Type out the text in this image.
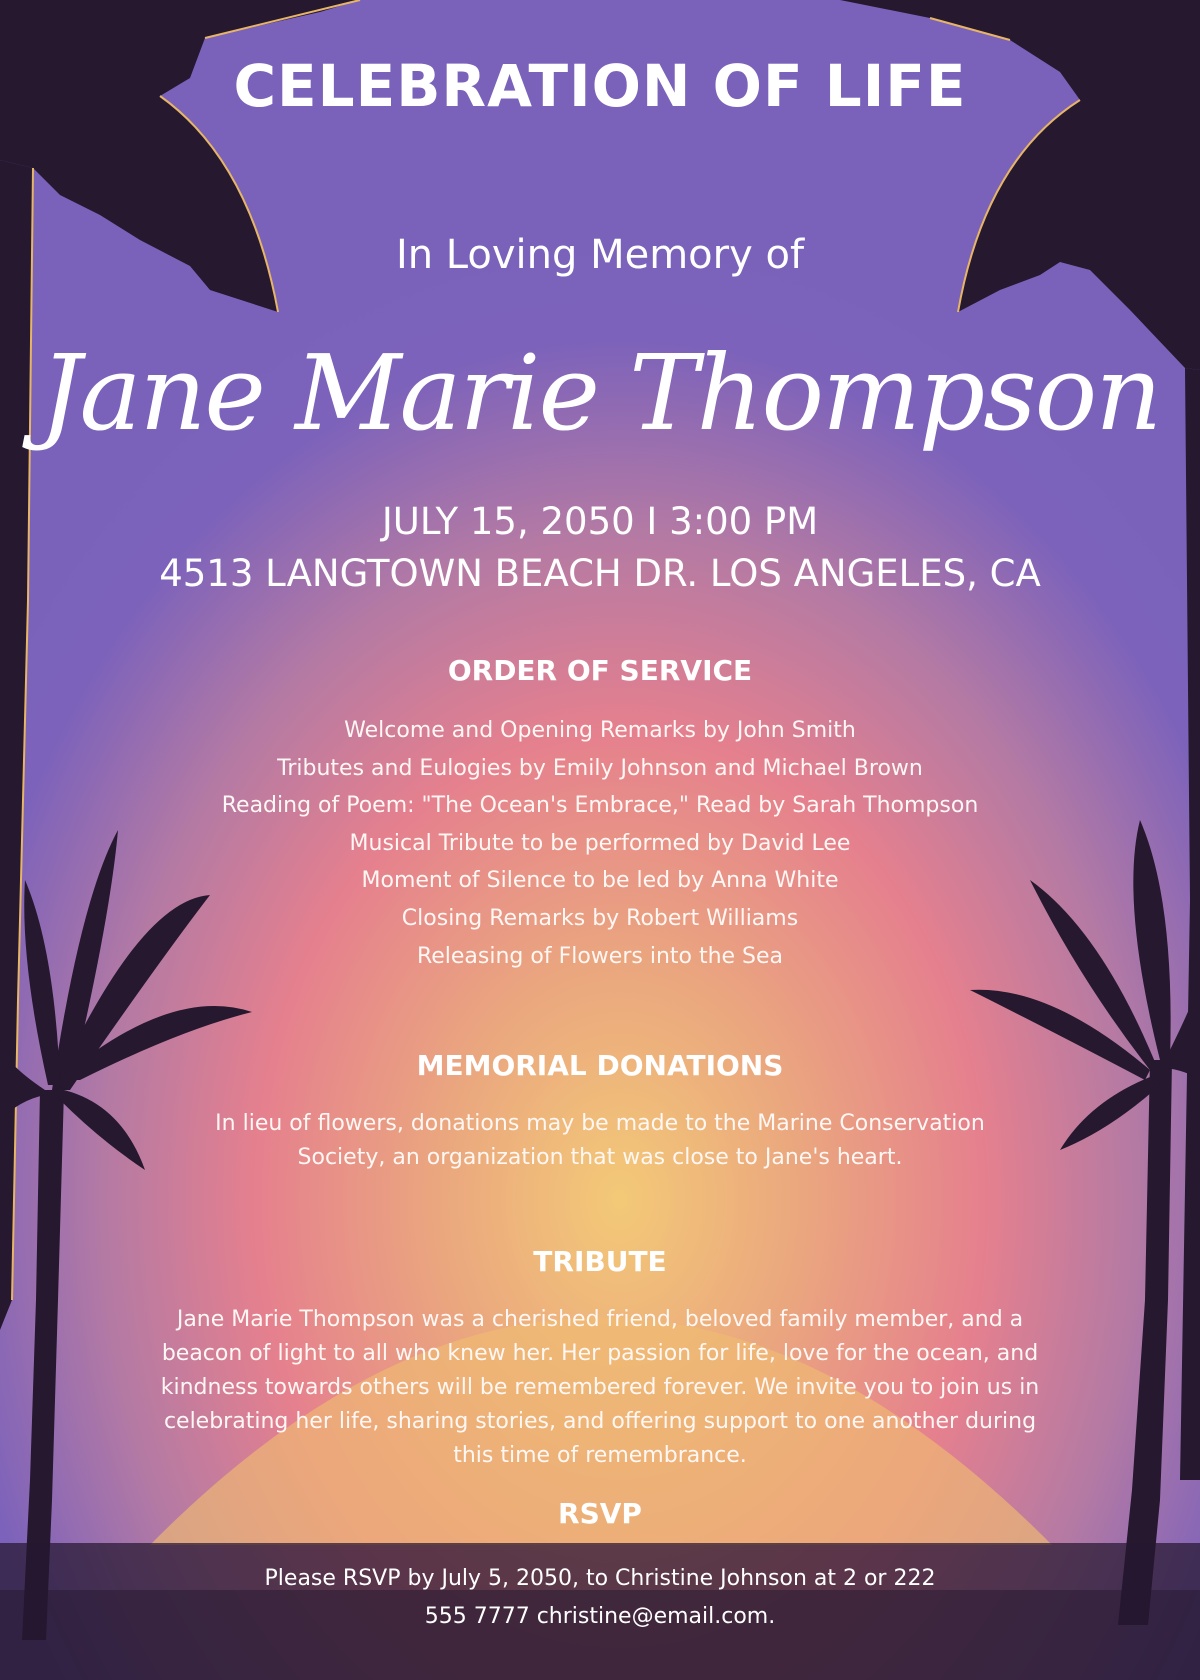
CELEBRATION OF LIFE
In Loving Memory of
Jane Marie Thompson
JULY 15, 2050 I 3:00 PM
4513 LANGTOWN BEACH DR. LOS ANGELES, CA
ORDER OF SERVICE
Welcome and Opening Remarks by John Smith
Tributes and Eulogies by Emily Johnson and Michael Brown
Reading of Poem: "The Ocean's Embrace," Read by Sarah Thompson
Musical Tribute to be performed by David Lee
Moment of Silence to be led by Anna White
Closing Remarks by Robert Williams
Releasing of Flowers into the Sea
MEMORIAL DONATIONS

In lieu of flowers, donations may be made to the Marine Conservation Society, an organization that was close to Jane's heart.

TRIBUTE

Jane Marie Thompson was a cherished friend, beloved family member, and a beacon of light to all who knew her. Her passion for life, love for the ocean, and kindness towards others will be remembered forever. We invite you to join us in celebrating her life, sharing stories, and offering support to one another during this time of remembrance.

RSVP

Please RSVP by July 5, 2050, to Christine Johnson at 2 or 222 555 7777 christine@email.com.
